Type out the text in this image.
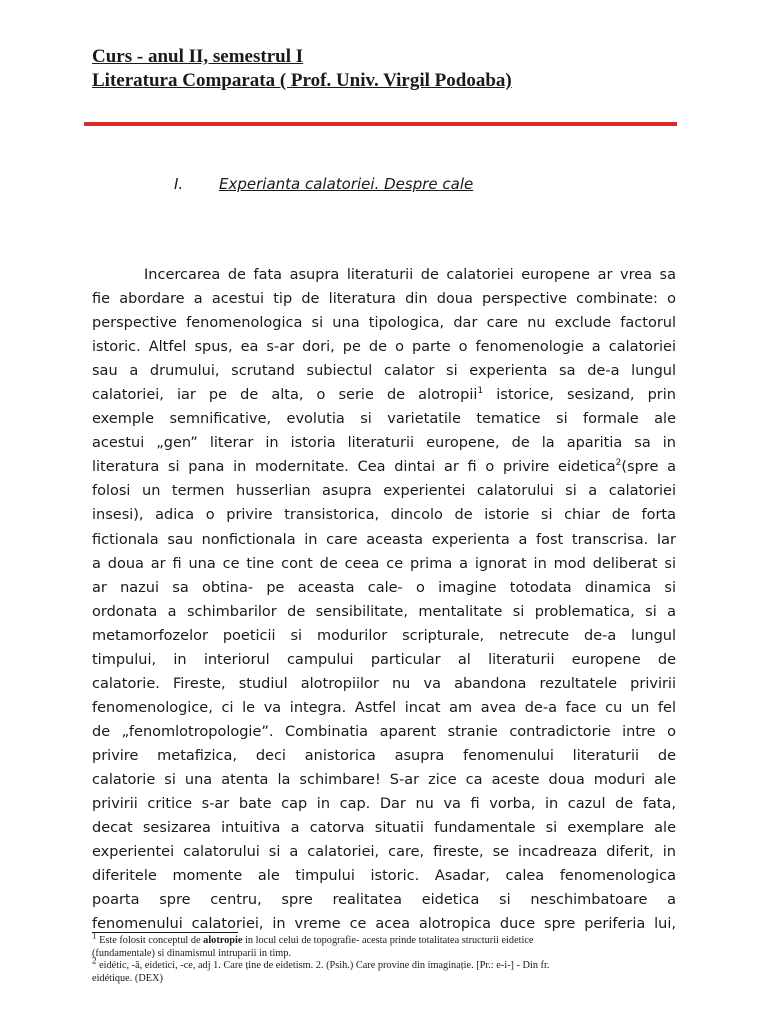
Curs - anul II, semestrul I
Literatura Comparata ( Prof. Univ. Virgil Podoaba)
I. Experianta calatoriei. Despre cale
Incercarea de fata asupra literaturii de calatoriei europene ar vrea sa
fie abordare a acestui tip de literatura din doua perspective combinate: o
perspective fenomenologica si una tipologica, dar care nu exclude factorul
istoric. Altfel spus, ea s-ar dori, pe de o parte o fenomenologie a calatoriei
sau a drumului, scrutand subiectul calator si experienta sa de-a lungul
calatoriei, iar pe de alta, o serie de alotropii$^1$ istorice, sesizand, prin
exemple semnificative, evolutia si varietatile tematice si formale ale
acestui „gen” literar in istoria literaturii europene, de la aparitia sa in
literatura si pana in modernitate. Cea dintai ar fi o privire eidetica$^2$(spre a
folosi un termen husserlian asupra experientei calatorului si a calatoriei
insesi), adica o privire transistorica, dincolo de istorie si chiar de forta
fictionala sau nonfictionala in care aceasta experienta a fost transcrisa. Iar
a doua ar fi una ce tine cont de ceea ce prima a ignorat in mod deliberat si
ar nazui sa obtina- pe aceasta cale- o imagine totodata dinamica si
ordonata a schimbarilor de sensibilitate, mentalitate si problematica, si a
metamorfozelor poeticii si modurilor scripturale, netrecute de-a lungul
timpului, in interiorul campului particular al literaturii europene de
calatorie. Fireste, studiul alotropiilor nu va abandona rezultatele privirii
fenomenologice, ci le va integra. Astfel incat am avea de-a face cu un fel
de „fenomlotropologie”. Combinatia aparent stranie contradictorie intre o
privire metafizica, deci anistorica asupra fenomenului literaturii de
calatorie si una atenta la schimbare! S-ar zice ca aceste doua moduri ale
privirii critice s-ar bate cap in cap. Dar nu va fi vorba, in cazul de fata,
decat sesizarea intuitiva a catorva situatii fundamentale si exemplare ale
experientei calatorului si a calatoriei, care, fireste, se incadreaza diferit, in
diferitele momente ale timpului istoric. Asadar, calea fenomenologica
poarta spre centru, spre realitatea eidetica si neschimbatoare a
fenomenului calatoriei, in vreme ce acea alotropica duce spre periferia lui,
$^1$ Este folosit conceptul de alotropie in locul celui de topografie- acesta prinde totalitatea structurii eidetice
(fundamentale) si dinamismul intruparii in timp.
$^2$ eidétic, -ă, eidetici, -ce, adj 1. Care ține de eidetism. 2. (Psih.) Care provine din imaginație. [Pr.: e-i-] - Din fr.
eidétique. (DEX)
